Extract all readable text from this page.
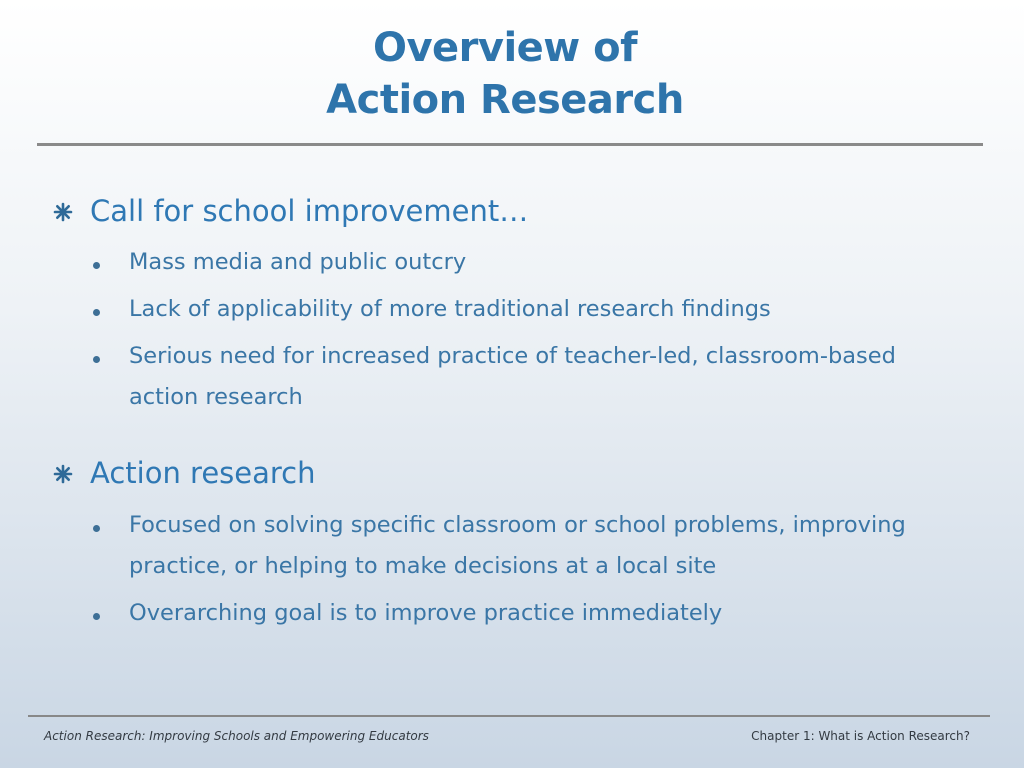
Overview of
Action Research
Call for school improvement…
Mass media and public outcry
Lack of applicability of more traditional research findings
Serious need for increased practice of teacher-led, classroom-based action research
Action research
Focused on solving specific classroom or school problems, improving practice, or helping to make decisions at a local site
Overarching goal is to improve practice immediately
Action Research: Improving Schools and Empowering Educators	Chapter 1: What is Action Research?
